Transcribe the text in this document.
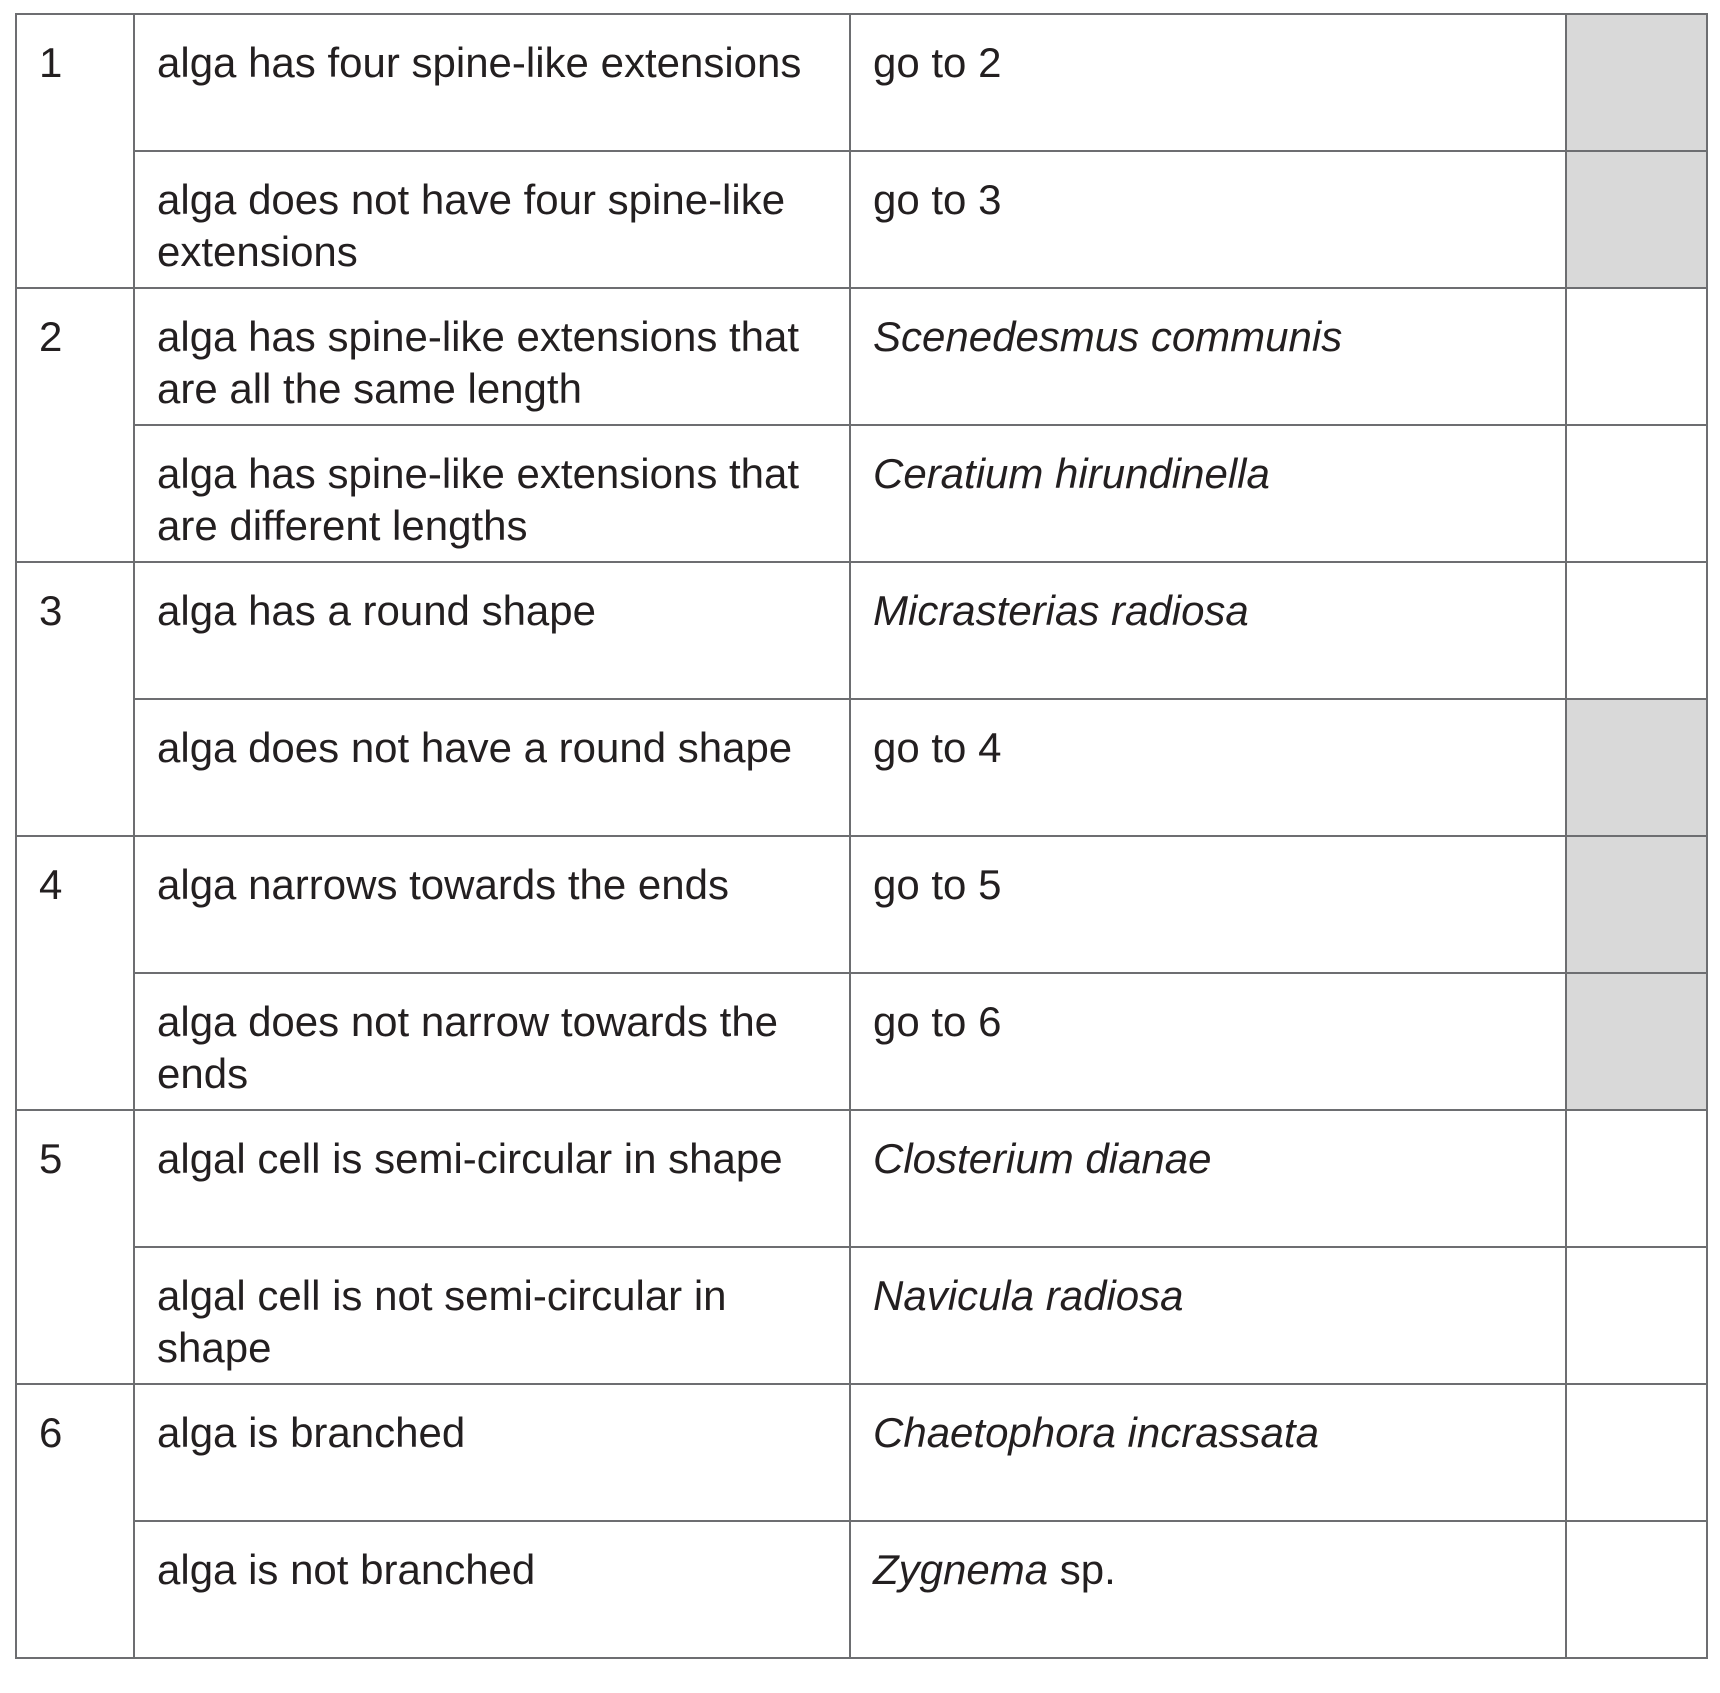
1	alga has four spine-like extensions	go to 2	
	alga does not have four spine-like extensions	go to 3	
2	alga has spine-like extensions that are all the same length	Scenedesmus communis	
	alga has spine-like extensions that are different lengths	Ceratium hirundinella	
3	alga has a round shape	Micrasterias radiosa	
	alga does not have a round shape	go to 4	
4	alga narrows towards the ends	go to 5	
	alga does not narrow towards the ends	go to 6	
5	algal cell is semi-circular in shape	Closterium dianae	
	algal cell is not semi-circular in shape	Navicula radiosa	
6	alga is branched	Chaetophora incrassata	
	alga is not branched	Zygnema sp.	
